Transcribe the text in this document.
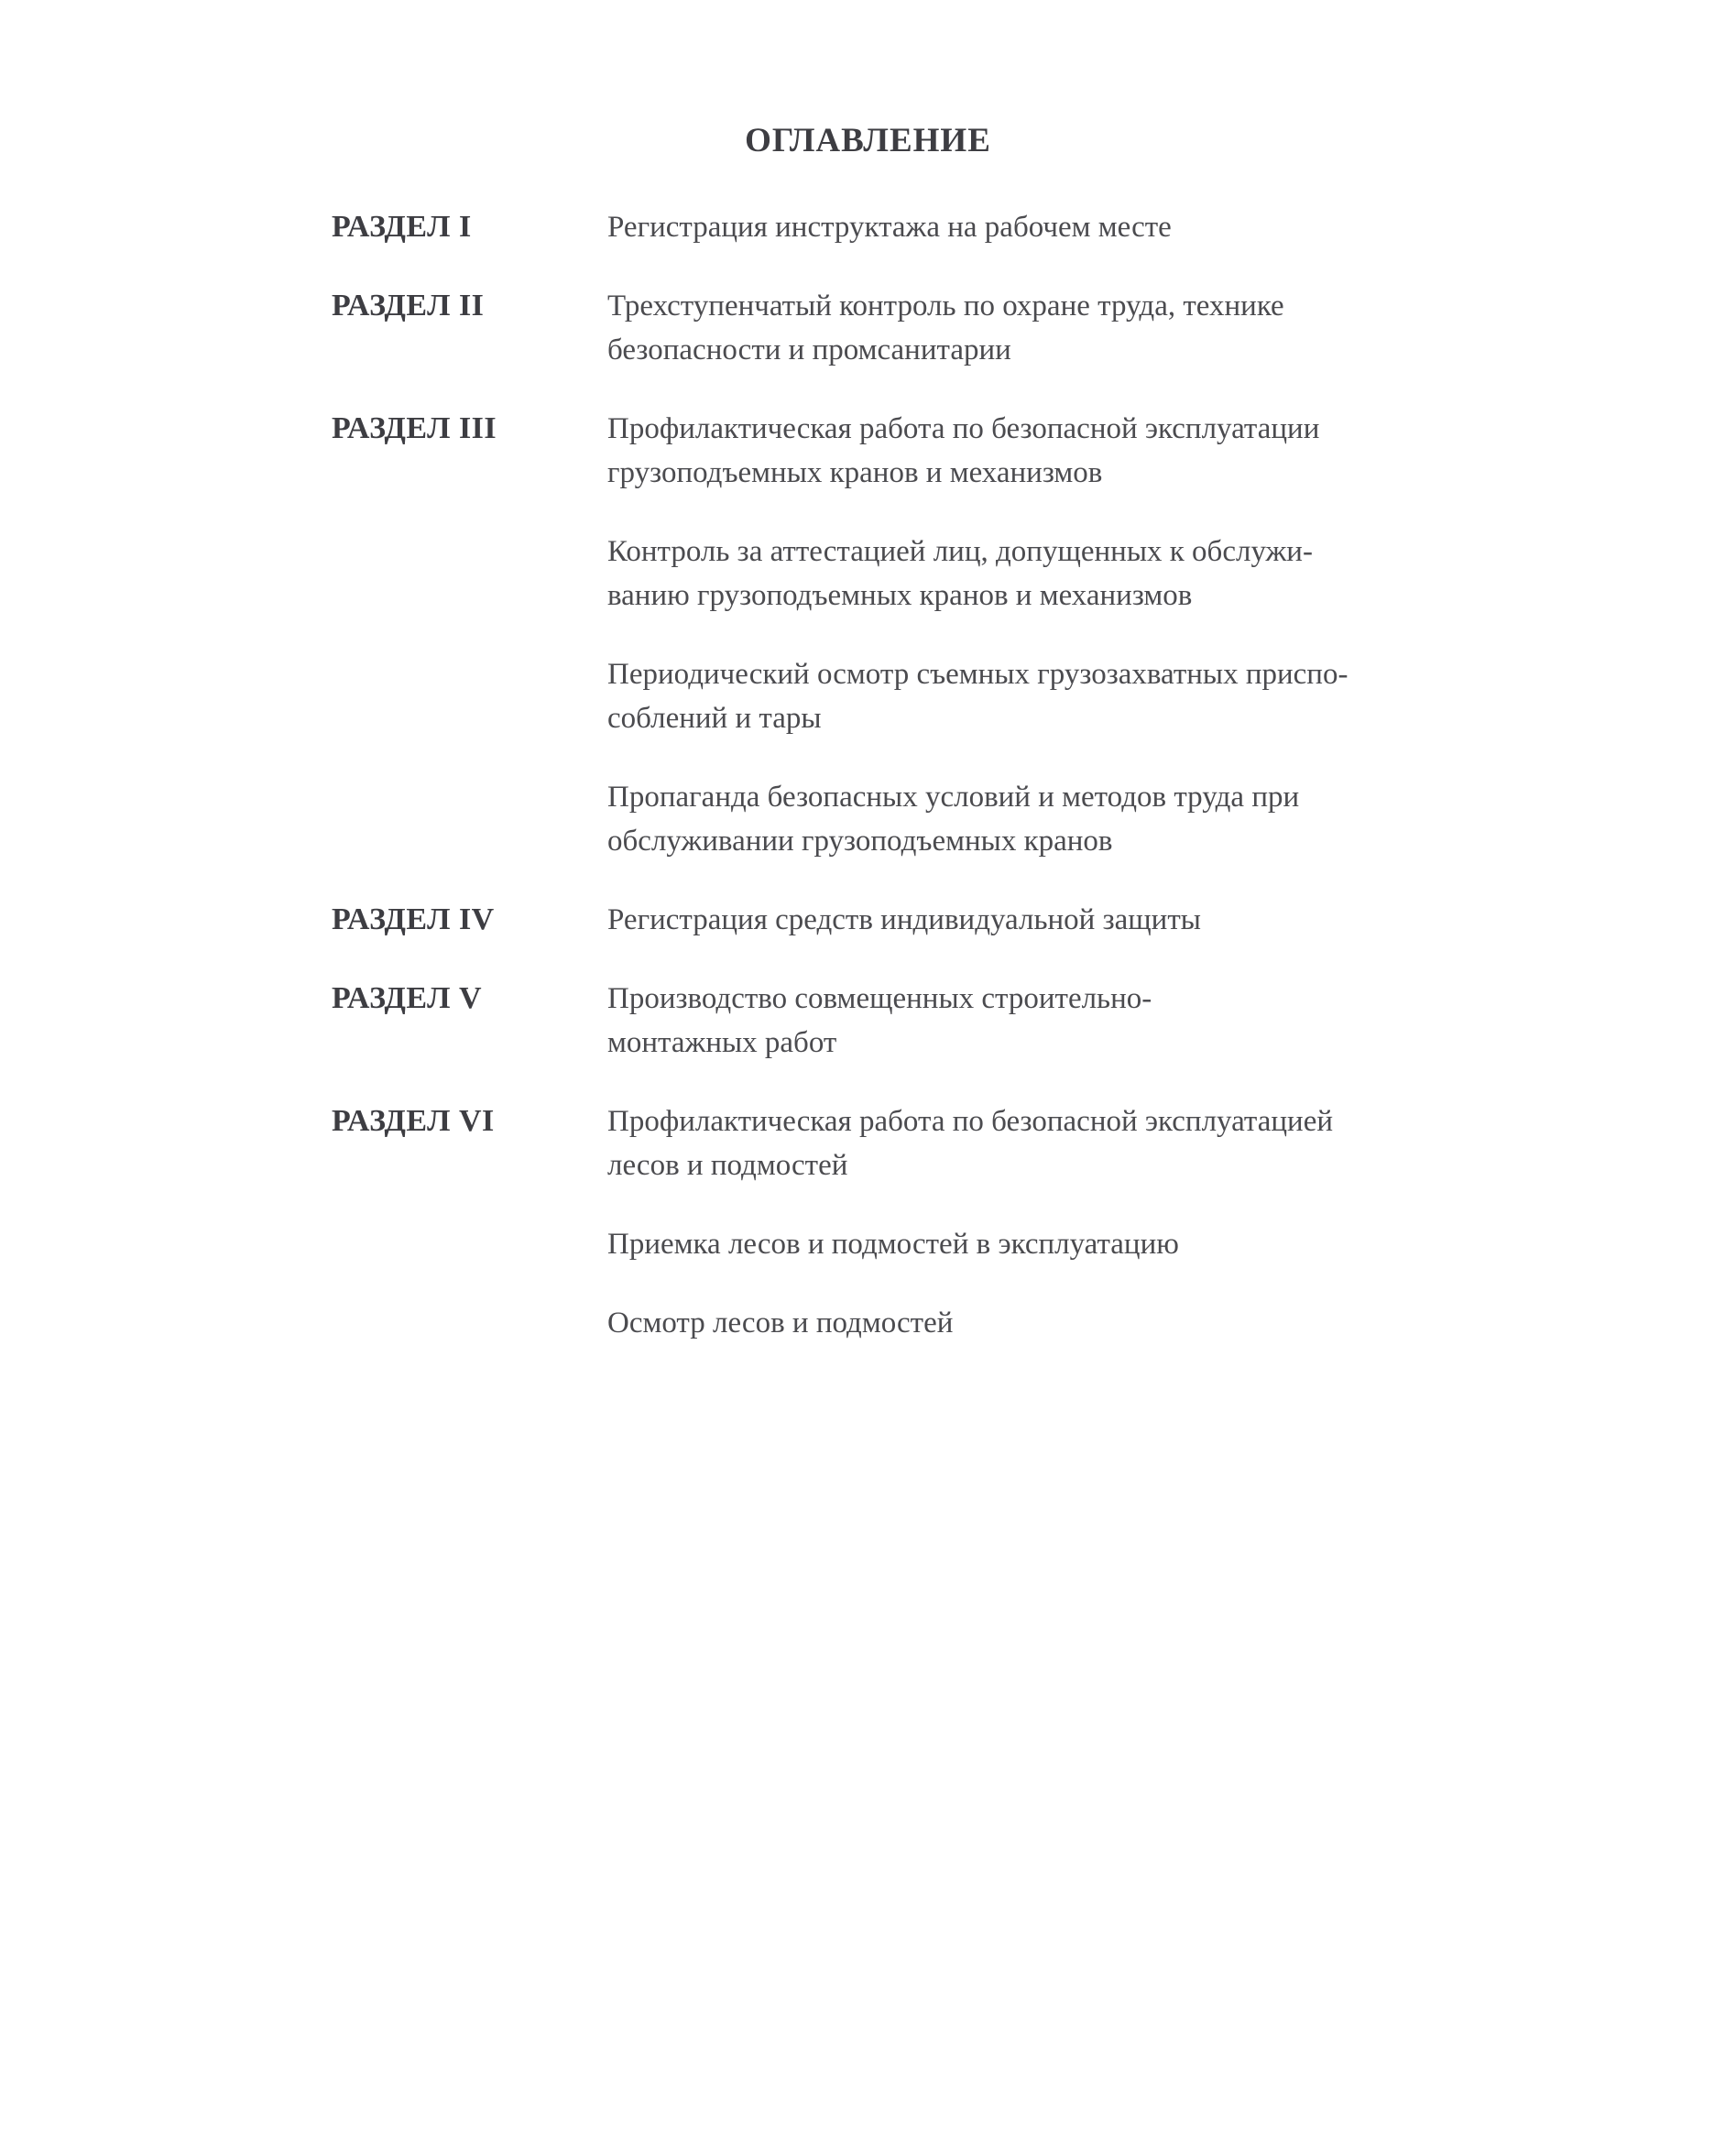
ОГЛАВЛЕНИЕ
РАЗДЕЛ I	Регистрация инструктажа на рабочем месте
РАЗДЕЛ II	Трехступенчатый контроль по охране труда, технике
безопасности и промсанитарии
РАЗДЕЛ III	Профилактическая работа по безопасной эксплуатации
грузоподъемных кранов и механизмов
Контроль за аттестацией лиц, допущенных к обслужи-
ванию грузоподъемных кранов и механизмов
Периодический осмотр съемных грузозахватных приспо-
соблений и тары
Пропаганда безопасных условий и методов труда при
обслуживании грузоподъемных кранов
РАЗДЕЛ IV	Регистрация средств индивидуальной защиты
РАЗДЕЛ V	Производство совмещенных строительно-
монтажных работ
РАЗДЕЛ VI	Профилактическая работа по безопасной эксплуатацией
лесов и подмостей
Приемка лесов и подмостей в эксплуатацию
Осмотр лесов и подмостей
